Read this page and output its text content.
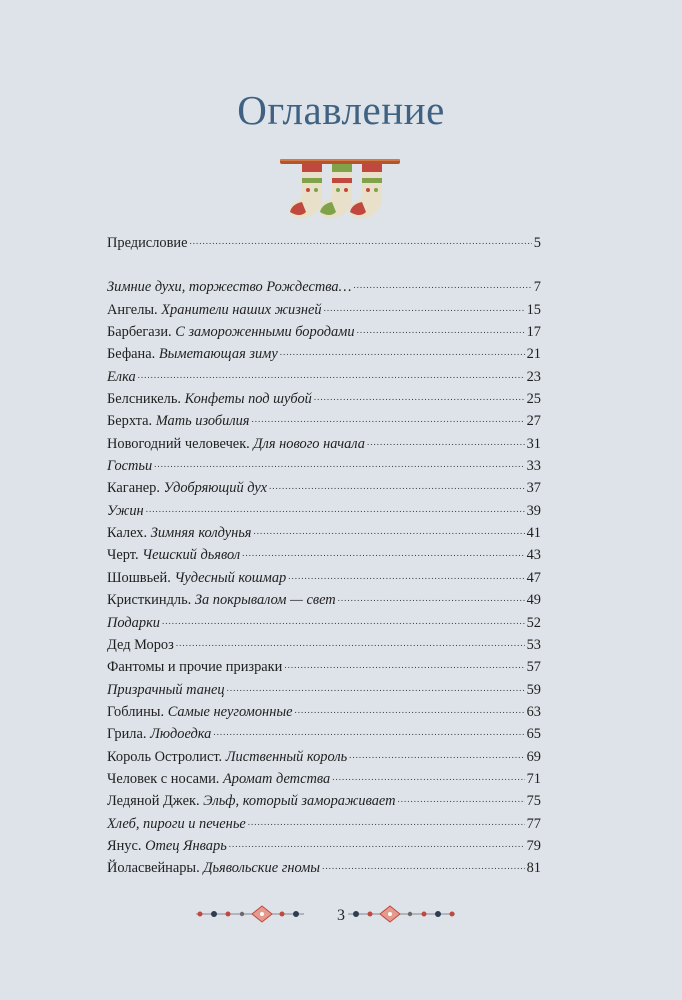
Оглавление
Предисловие .....	5
Зимние духи, торжество Рождества… .....	7
Ангелы. Хранители наших жизней .....	15
Барбегази. С замороженными бородами .....	17
Бефана. Выметающая зиму .....	21
Елка .....	23
Белсникель. Конфеты под шубой .....	25
Берхта. Мать изобилия .....	27
Новогодний человечек. Для нового начала .....	31
Гостьи .....	33
Каганер. Удобряющий дух .....	37
Ужин .....	39
Калех. Зимняя колдунья .....	41
Черт. Чешский дьявол .....	43
Шошвьей. Чудесный кошмар .....	47
Кристкиндль. За покрывалом — свет .....	49
Подарки .....	52
Дед Мороз .....	53
Фантомы и прочие призраки .....	57
Призрачный танец .....	59
Гоблины. Самые неугомонные .....	63
Грила. Людоедка .....	65
Король Остролист. Лиственный король .....	69
Человек с носами. Аромат детства .....	71
Ледяной Джек. Эльф, который замораживает .....	75
Хлеб, пироги и печенье .....	77
Янус. Отец Январь .....	79
Йоласвейнары. Дьявольские гномы .....	81
3
